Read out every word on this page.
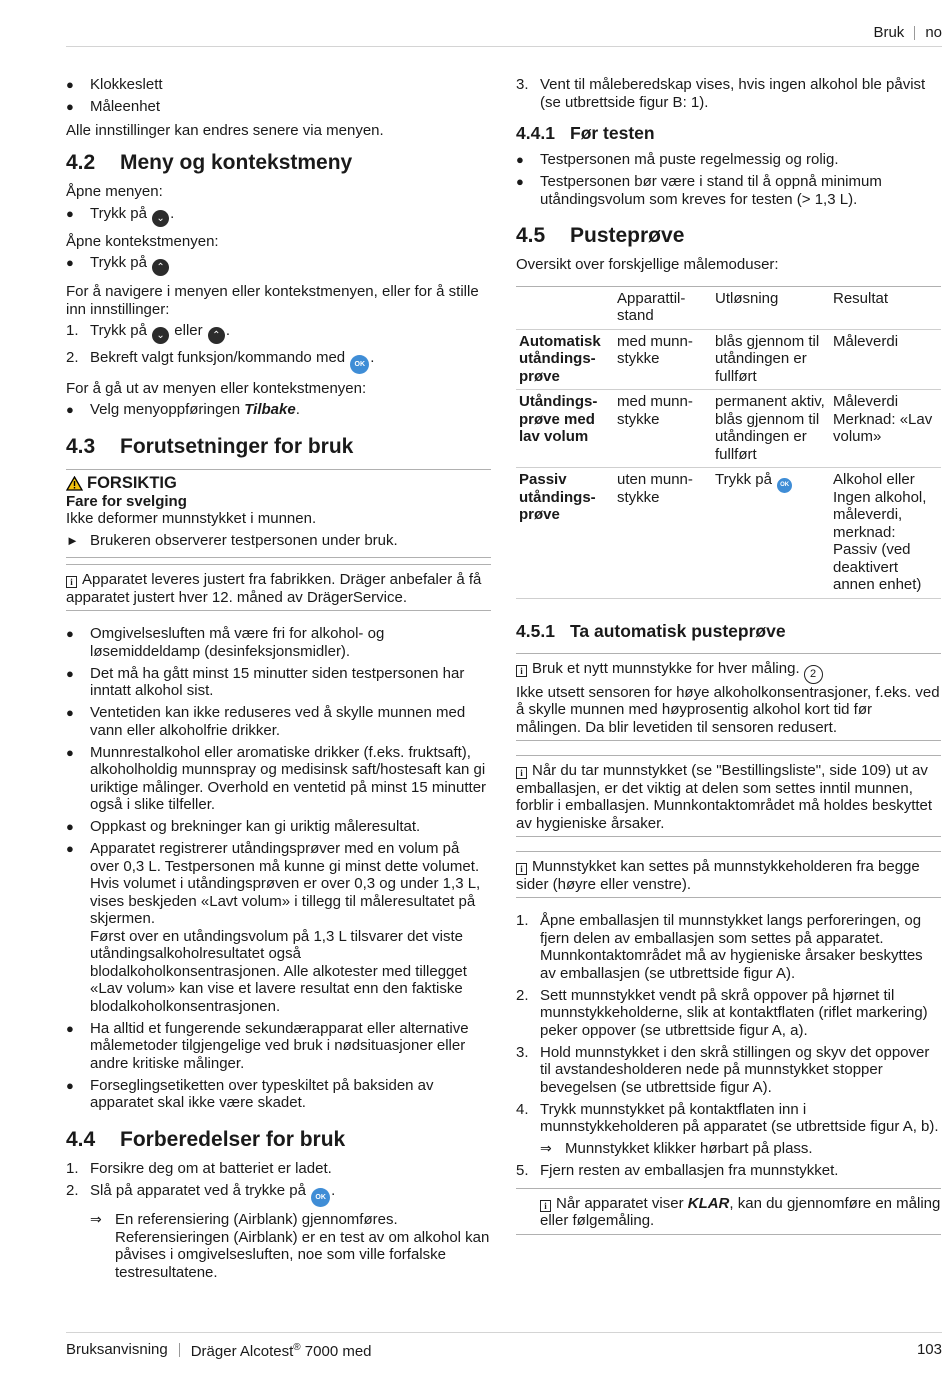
Bruk no
●	Klokkeslett
●	Måleenhet
Alle innstillinger kan endres senere via menyen.
4.2	Meny og kontekstmeny
Åpne menyen:
●	Trykk på ⌄ .
Åpne kontekstmenyen:
●	Trykk på ⌃
For å navigere i menyen eller kontekstmenyen, eller for å stille inn innstillinger:
1. Trykk på ⌄ eller ⌃ .
2. Bekreft valgt funksjon/kommando med OK .
For å gå ut av menyen eller kontekstmenyen:
●	Velg menyoppføringen Tilbake.
4.3	Forutsetninger for bruk
FORSIKTIG
Fare for svelging
Ikke deformer munnstykket i munnen.
► Brukeren observerer testpersonen under bruk.
i Apparatet leveres justert fra fabrikken. Dräger anbefaler å få apparatet justert hver 12. måned av DrägerService.
●	Omgivelsesluften må være fri for alkohol- og løsemiddeldamp (desinfeksjonsmidler).
●	Det må ha gått minst 15 minutter siden testpersonen har inntatt alkohol sist.
●	Ventetiden kan ikke reduseres ved å skylle munnen med vann eller alkoholfrie drikker.
●	Munnrestalkohol eller aromatiske drikker (f.eks. fruktsaft), alkoholholdig munnspray og medisinsk saft/hostesaft kan gi uriktige målinger. Overhold en ventetid på minst 15 minutter også i slike tilfeller.
●	Oppkast og brekninger kan gi uriktig måleresultat.
●	Apparatet registrerer utåndingsprøver med en volum på over 0,3 L. Testpersonen må kunne gi minst dette volumet. Hvis volumet i utåndingsprøven er over 0,3 og under 1,3 L, vises beskjeden «Lavt volum» i tillegg til måleresultatet på skjermen.
Først over en utåndingsvolum på 1,3 L tilsvarer det viste utåndingsalkoholresultatet også blodalkoholkonsentrasjonen. Alle alkotester med tillegget «Lav volum» kan vise et lavere resultat enn den faktiske blodalkoholkonsentrasjonen.
●	Ha alltid et fungerende sekundærapparat eller alternative målemetoder tilgjengelige ved bruk i nødsituasjoner eller andre kritiske målinger.
●	Forseglingsetiketten over typeskiltet på baksiden av apparatet skal ikke være skadet.
4.4	Forberedelser for bruk
1. Forsikre deg om at batteriet er ladet.
2. Slå på apparatet ved å trykke på OK .
⇒ En referensiering (Airblank) gjennomføres. Referensieringen (Airblank) er en test av om alkohol kan påvises i omgivelsesluften, noe som ville forfalske testresultatene.
3. Vent til måleberedskap vises, hvis ingen alkohol ble påvist (se utbrettside figur B: 1).
4.4.1 Før testen
●	Testpersonen må puste regelmessig og rolig.
●	Testpersonen bør være i stand til å oppnå minimum utåndingsvolum som kreves for testen (> 1,3 L).
4.5	Pusteprøve
Oversikt over forskjellige målemoduser:
	Apparattil-stand	Utløsning	Resultat
Automatisk utåndings-prøve	med munn-stykke	blås gjennom til utåndingen er fullført	Måleverdi
Utåndings-prøve med lav volum	med munn-stykke	permanent aktiv, blås gjennom til utåndingen er fullført	Måleverdi Merknad: «Lav volum»
Passiv utåndings-prøve	uten munn-stykke	Trykk på OK	Alkohol eller Ingen alkohol, måleverdi, merknad: Passiv (ved deaktivert annen enhet)
4.5.1 Ta automatisk pusteprøve
i Bruk et nytt munnstykke for hver måling. 2
Ikke utsett sensoren for høye alkoholkonsentrasjoner, f.eks. ved å skylle munnen med høyprosentig alkohol kort tid før målingen. Da blir levetiden til sensoren redusert.
i Når du tar munnstykket (se "Bestillingsliste", side 109) ut av emballasjen, er det viktig at delen som settes inntil munnen, forblir i emballasjen. Munnkontaktområdet må holdes beskyttet av hygieniske årsaker.
i Munnstykket kan settes på munnstykkeholderen fra begge sider (høyre eller venstre).
1. Åpne emballasjen til munnstykket langs perforeringen, og fjern delen av emballasjen som settes på apparatet. Munnkontaktområdet må av hygieniske årsaker beskyttes av emballasjen (se utbrettside figur A).
2. Sett munnstykket vendt på skrå oppover på hjørnet til munnstykkeholderne, slik at kontaktflaten (riflet markering) peker oppover (se utbrettside figur A, a).
3. Hold munnstykket i den skrå stillingen og skyv det oppover til avstandesholderen nede på munnstykket stopper bevegelsen (se utbrettside figur A).
4. Trykk munnstykket på kontaktflaten inn i munnstykkeholderen på apparatet (se utbrettside figur A, b).
⇒ Munnstykket klikker hørbart på plass.
5. Fjern resten av emballasjen fra munnstykket.
i Når apparatet viser KLAR, kan du gjennomføre en måling eller følgemåling.
Bruksanvisning Dräger Alcotest® 7000 med	103
